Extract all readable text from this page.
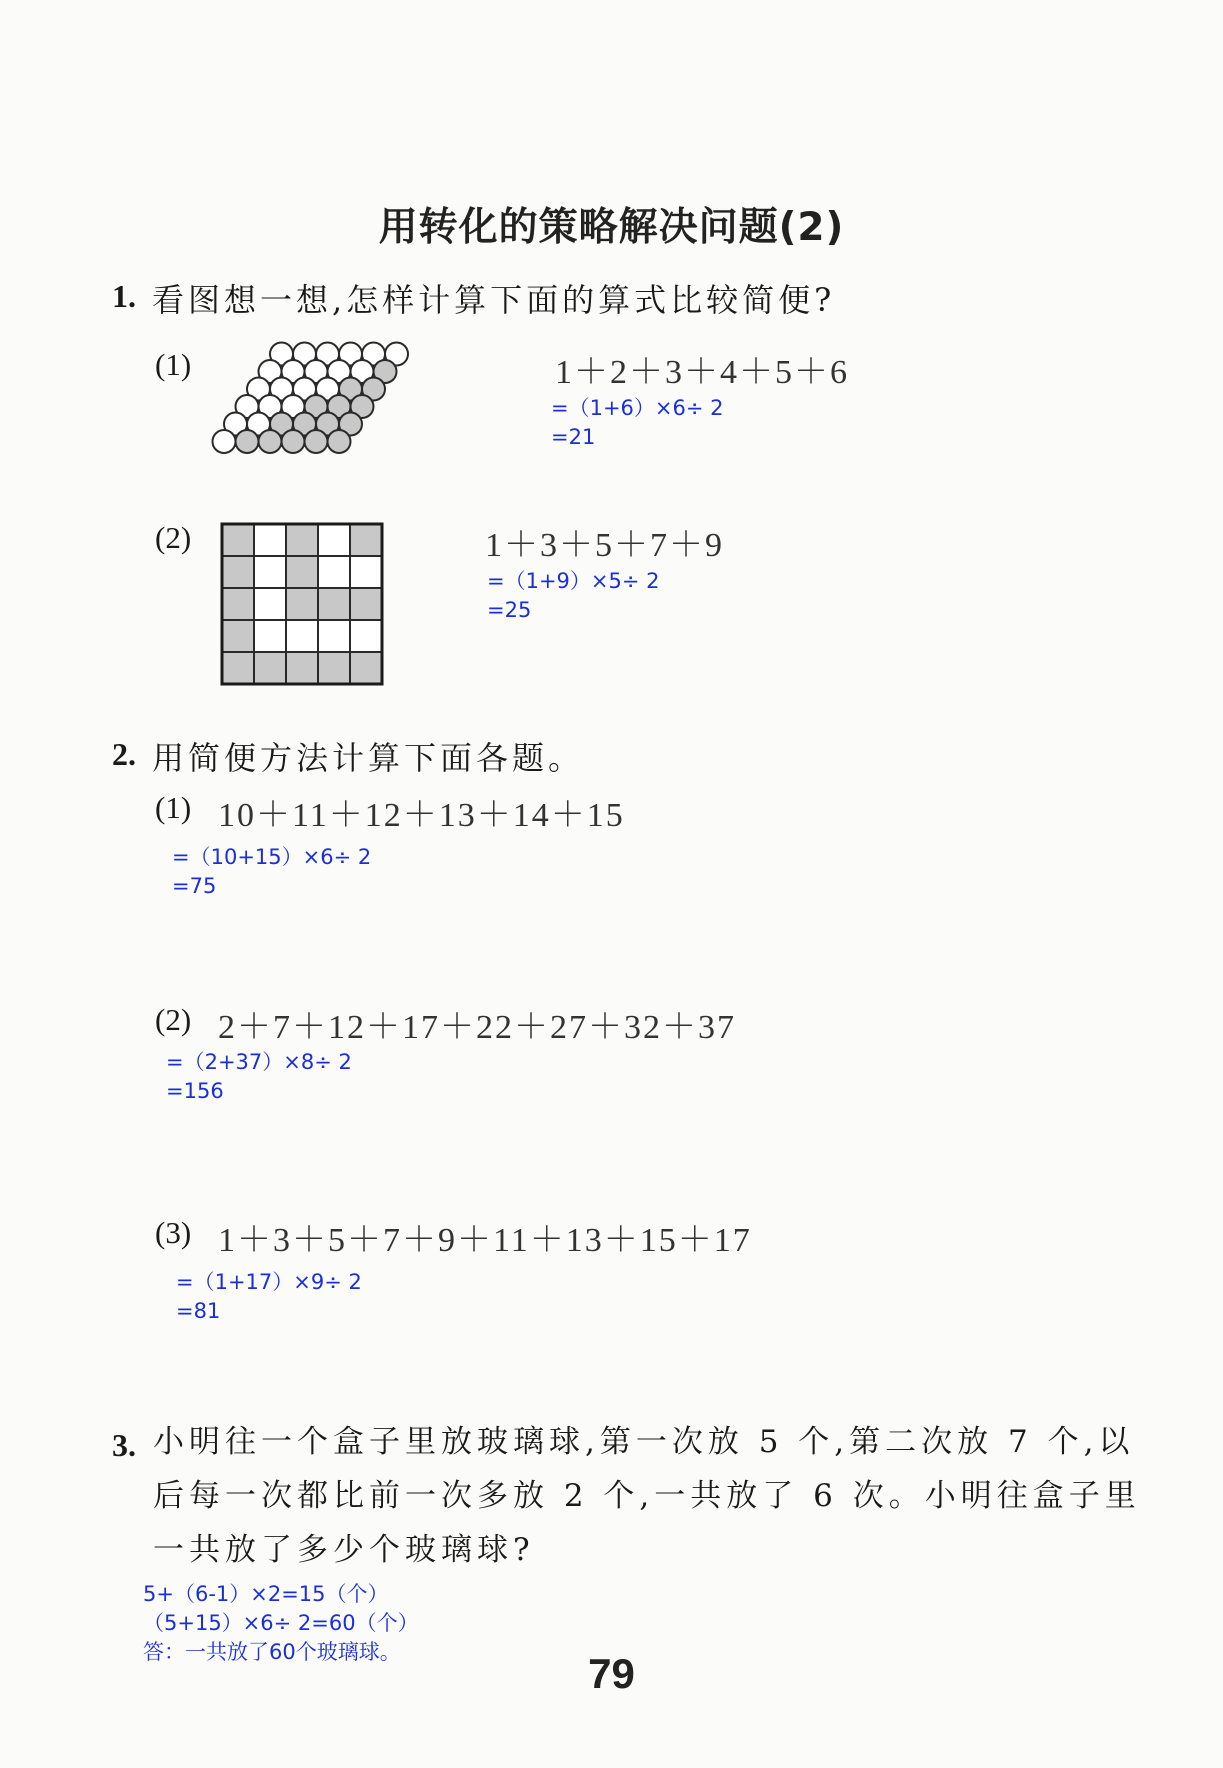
用转化的策略解决问题(2)
1. 看图想一想,怎样计算下面的算式比较简便?
(1)	1＋2＋3＋4＋5＋6
=（1+6）×6÷ 2
=21
(2)	1＋3＋5＋7＋9
=（1+9）×5÷ 2
=25
2. 用简便方法计算下面各题。
(1) 10＋11＋12＋13＋14＋15
=（10+15）×6÷ 2
=75
(2) 2＋7＋12＋17＋22＋27＋32＋37
=（2+37）×8÷ 2
=156
(3) 1＋3＋5＋7＋9＋11＋13＋15＋17
=（1+17）×9÷ 2
=81
3. 小明往一个盒子里放玻璃球,第一次放 5 个,第二次放 7 个,以
后每一次都比前一次多放 2 个,一共放了 6 次。小明往盒子里
一共放了多少个玻璃球?
5+（6-1）×2=15（个）
（5+15）×6÷ 2=60（个）
答：一共放了60个玻璃球。	79
